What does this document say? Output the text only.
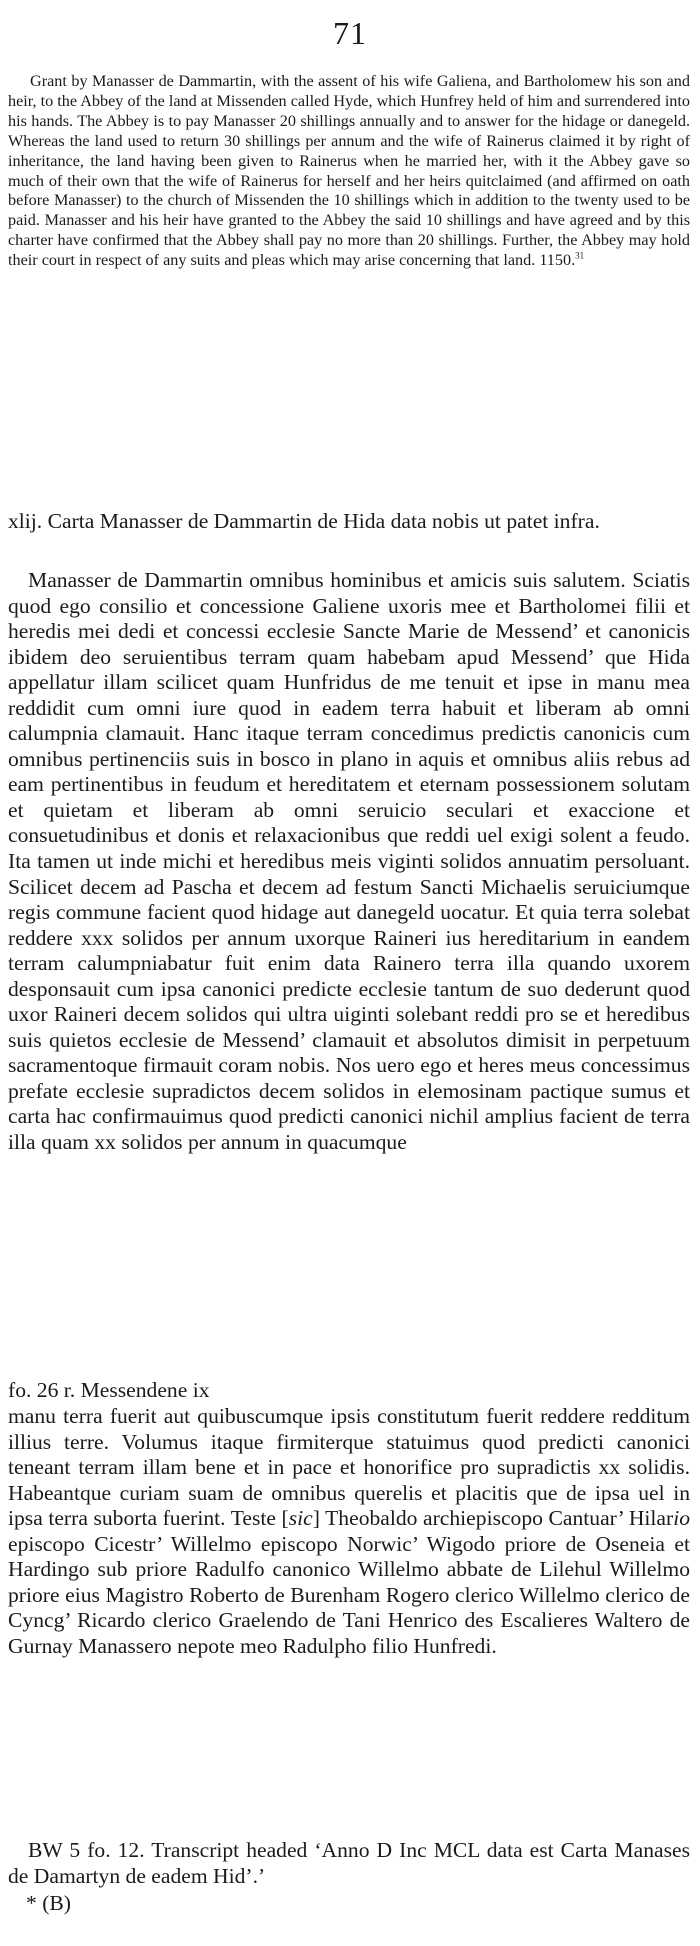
71

Grant by Manasser de Dammartin, with the assent of his wife Galiena, and Bartholomew his son and heir, to the Abbey of the land at Missenden called Hyde, which Hunfrey held of him and surrendered into his hands. The Abbey is to pay Manasser 20 shillings annually and to answer for the hidage or danegeld. Whereas the land used to return 30 shillings per annum and the wife of Rainerus claimed it by right of inheritance, the land having been given to Rainerus when he married her, with it the Abbey gave so much of their own that the wife of Rainerus for herself and her heirs quitclaimed (and affirmed on oath before Manasser) to the church of Missenden the 10 shillings which in addition to the twenty used to be paid. Manasser and his heir have granted to the Abbey the said 10 shillings and have agreed and by this charter have confirmed that the Abbey shall pay no more than 20 shillings. Further, the Abbey may hold their court in respect of any suits and pleas which may arise concerning that land. 1150.31

xlij. Carta Manasser de Dammartin de Hida data nobis ut patet infra.

Manasser de Dammartin omnibus hominibus et amicis suis salutem. Sciatis quod ego consilio et concessione Galiene uxoris mee et Bartholomei filii et heredis mei dedi et concessi ecclesie Sancte Marie de Messend’ et canonicis ibidem deo seruientibus terram quam habebam apud Messend’ que Hida appellatur illam scilicet quam Hunfridus de me tenuit et ipse in manu mea reddidit cum omni iure quod in eadem terra habuit et liberam ab omni calumpnia clamauit. Hanc itaque terram concedimus predictis canonicis cum omnibus pertinenciis suis in bosco in plano in aquis et omnibus aliis rebus ad eam pertinentibus in feudum et hereditatem et eternam possessionem solutam et quietam et liberam ab omni seruicio seculari et exaccione et consuetudinibus et donis et relaxacionibus que reddi uel exigi solent a feudo. Ita tamen ut inde michi et heredibus meis viginti solidos annuatim persoluant. Scilicet decem ad Pascha et decem ad festum Sancti Michaelis seruiciumque regis commune facient quod hidage aut danegeld uocatur. Et quia terra solebat reddere xxx solidos per annum uxorque Raineri ius hereditarium in eandem terram calumpniabatur fuit enim data Rainero terra illa quando uxorem desponsauit cum ipsa canonici predicte ecclesie tantum de suo dederunt quod uxor Raineri decem solidos qui ultra uiginti solebant reddi pro se et heredibus suis quietos ecclesie de Messend’ clamauit et absolutos dimisit in perpetuum sacramentoque firmauit coram nobis. Nos uero ego et heres meus concessimus prefate ecclesie supradictos decem solidos in elemosinam pactique sumus et carta hac confirmauimus quod predicti canonici nichil amplius facient de terra illa quam xx solidos per annum in quacumque

fo. 26 r. Messendene ix

manu terra fuerit aut quibuscumque ipsis constitutum fuerit reddere redditum illius terre. Volumus itaque firmiterque statuimus quod predicti canonici teneant terram illam bene et in pace et honorifice pro supradictis xx solidis. Habeantque curiam suam de omnibus querelis et placitis que de ipsa uel in ipsa terra suborta fuerint. Teste [sic] Theobaldo archiepiscopo Cantuar’ Hilario episcopo Cicestr’ Willelmo episcopo Norwic’ Wigodo priore de Oseneia et Hardingo sub priore Radulfo canonico Willelmo abbate de Lilehul Willelmo priore eius Magistro Roberto de Burenham Rogero clerico Willelmo clerico de Cyncg’ Ricardo clerico Graelendo de Tani Henrico des Escalieres Waltero de Gurnay Manassero nepote meo Radulpho filio Hunfredi.

BW 5 fo. 12. Transcript headed ‘Anno D Inc MCL data est Carta Manases de Damartyn de eadem Hid’.’

* (B)
